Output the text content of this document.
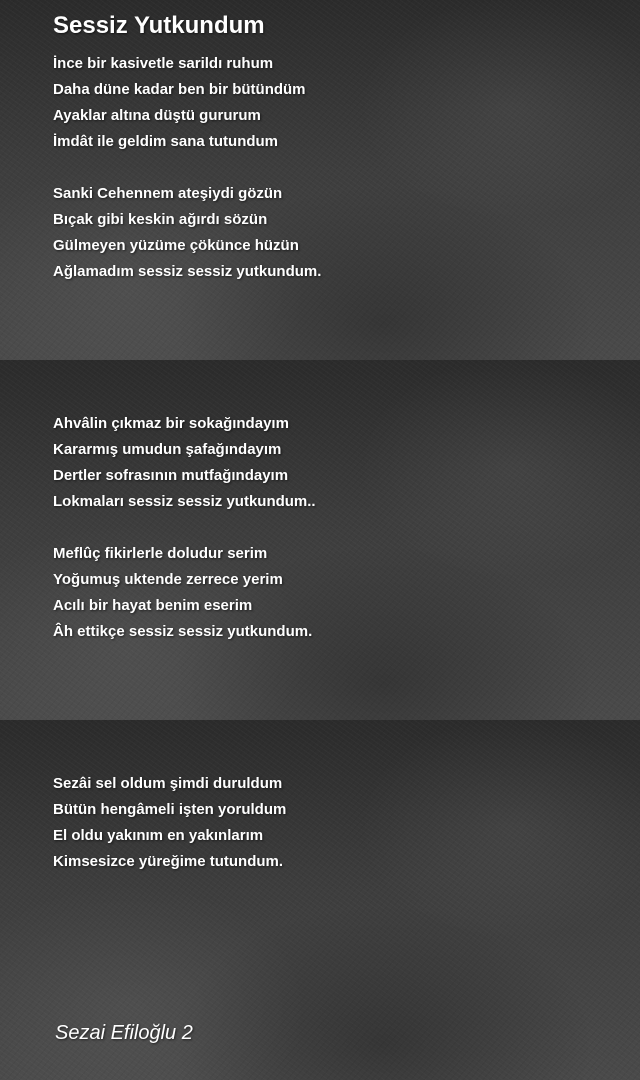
Sessiz Yutkundum
İnce bir kasivetle sarildı ruhum
Daha düne kadar ben bir bütündüm
Ayaklar altına düştü gururum
İmdât ile geldim sana tutundum
Sanki Cehennem ateşiydi gözün
Bıçak gibi keskin ağırdı sözün
Gülmeyen yüzüme çökünce hüzün
Ağlamadım sessiz sessiz yutkundum.
Ahvâlin çıkmaz bir sokağındayım
Kararmış umudun şafağındayım
Dertler sofrasının mutfağındayım
Lokmaları sessiz sessiz yutkundum..
Meflûç fikirlerle doludur serim
Yoğumuş uktende zerrece yerim
Acılı bir hayat benim eserim
Âh ettikçe sessiz sessiz yutkundum.
Sezâi sel oldum şimdi duruldum
Bütün hengâmeli işten yoruldum
El oldu yakınım en yakınlarım
Kimsesizce yüreğime tutundum.
Sezai Efiloğlu 2
